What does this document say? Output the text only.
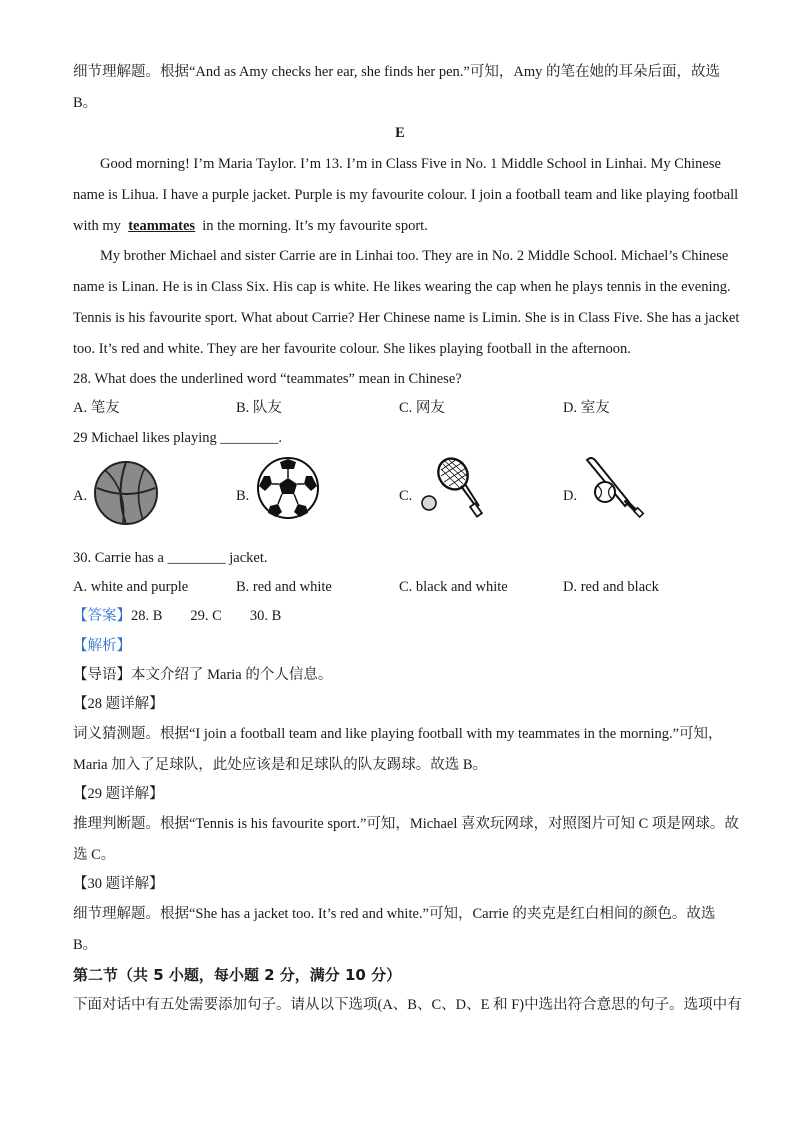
细节理解题。根据“And as Amy checks her ear, she finds her pen.”可知，Amy 的笔在她的耳朵后面，故选
B。
E
Good morning! I’m Maria Taylor. I’m 13. I’m in Class Five in No. 1 Middle School in Linhai. My Chinese
name is Lihua. I have a purple jacket. Purple is my favourite colour. I join a football team and like playing football
with my teammates in the morning. It’s my favourite sport.
My brother Michael and sister Carrie are in Linhai too. They are in No. 2 Middle School. Michael’s Chinese
name is Linan. He is in Class Six. His cap is white. He likes wearing the cap when he plays tennis in the evening.
Tennis is his favourite sport. What about Carrie? Her Chinese name is Limin. She is in Class Five. She has a jacket
too. It’s red and white. They are her favourite colour. She likes playing football in the afternoon.
28. What does the underlined word “teammates” mean in Chinese?
A. 笔友	B. 队友	C. 网友	D. 室友
29 Michael likes playing ________.
A.	B.	C.	D.
30. Carrie has a ________ jacket.
A. white and purple	B. red and white	C. black and white	D. red and black
【答案】28. B 29. C 30. B
【解析】
【导语】本文介绍了 Maria 的个人信息。
【28 题详解】
词义猜测题。根据“I join a football team and like playing football with my teammates in the morning.”可知，
Maria 加入了足球队，此处应该是和足球队的队友踢球。故选 B。
【29 题详解】
推理判断题。根据“Tennis is his favourite sport.”可知，Michael 喜欢玩网球，对照图片可知 C 项是网球。故
选 C。
【30 题详解】
细节理解题。根据“She has a jacket too. It’s red and white.”可知，Carrie 的夹克是红白相间的颜色。故选
B。
第二节（共 5 小题，每小题 2 分，满分 10 分）
下面对话中有五处需要添加句子。请从以下选项(A、B、C、D、E 和 F)中选出符合意思的句子。选项中有
